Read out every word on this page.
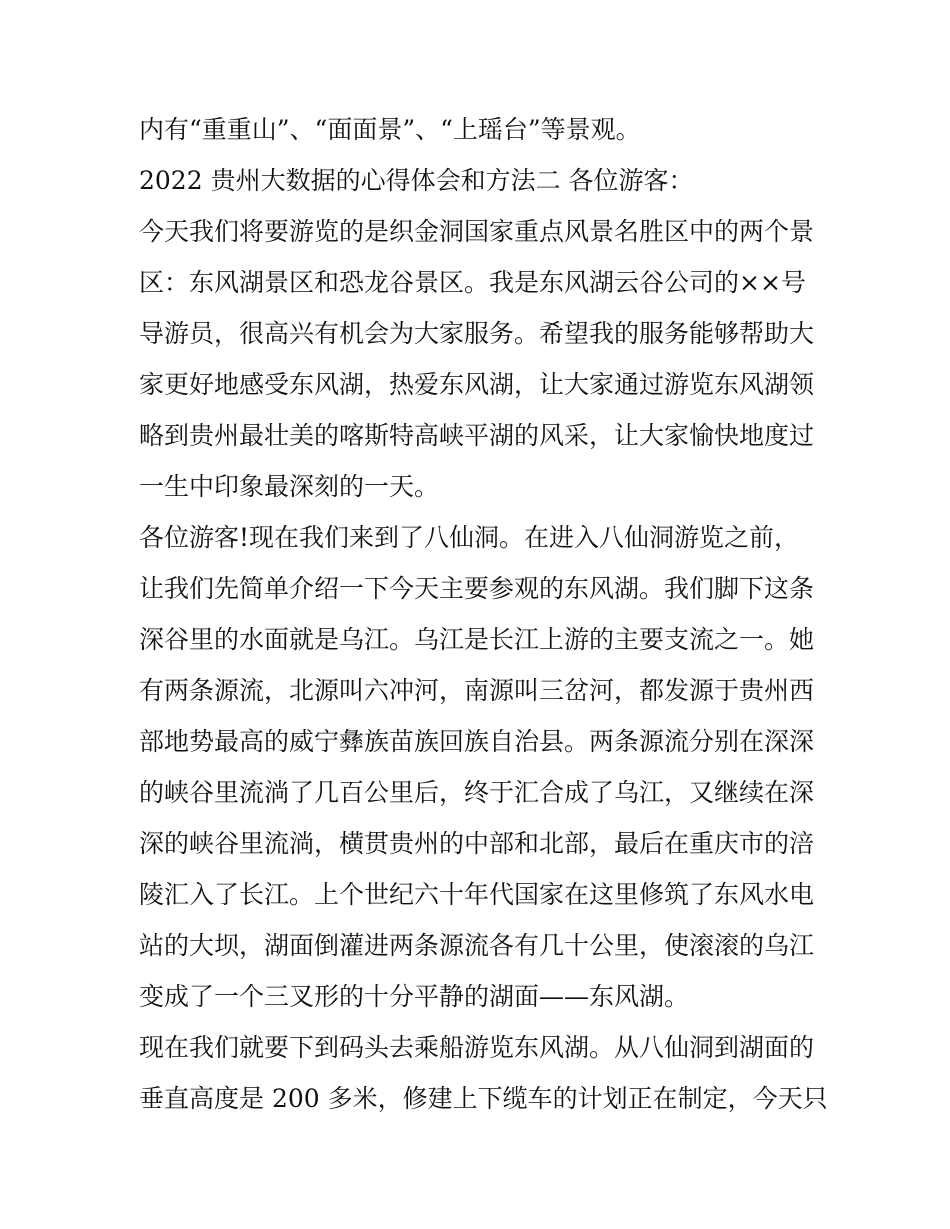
内有“重重山”、“面面景”、“上瑶台”等景观。
2022 贵州大数据的心得体会和方法二 各位游客：
今天我们将要游览的是织金洞国家重点风景名胜区中的两个景
区：东风湖景区和恐龙谷景区。我是东风湖云谷公司的××号
导游员，很高兴有机会为大家服务。希望我的服务能够帮助大
家更好地感受东风湖，热爱东风湖，让大家通过游览东风湖领
略到贵州最壮美的喀斯特高峡平湖的风采，让大家愉快地度过
一生中印象最深刻的一天。
各位游客!现在我们来到了八仙洞。在进入八仙洞游览之前，
让我们先简单介绍一下今天主要参观的东风湖。我们脚下这条
深谷里的水面就是乌江。乌江是长江上游的主要支流之一。她
有两条源流，北源叫六冲河，南源叫三岔河，都发源于贵州西
部地势最高的威宁彝族苗族回族自治县。两条源流分别在深深
的峡谷里流淌了几百公里后，终于汇合成了乌江，又继续在深
深的峡谷里流淌，横贯贵州的中部和北部，最后在重庆市的涪
陵汇入了长江。上个世纪六十年代国家在这里修筑了东风水电
站的大坝，湖面倒灌进两条源流各有几十公里，使滚滚的乌江
变成了一个三叉形的十分平静的湖面——东风湖。
现在我们就要下到码头去乘船游览东风湖。从八仙洞到湖面的
垂直高度是 200 多米，修建上下缆车的计划正在制定，今天只
